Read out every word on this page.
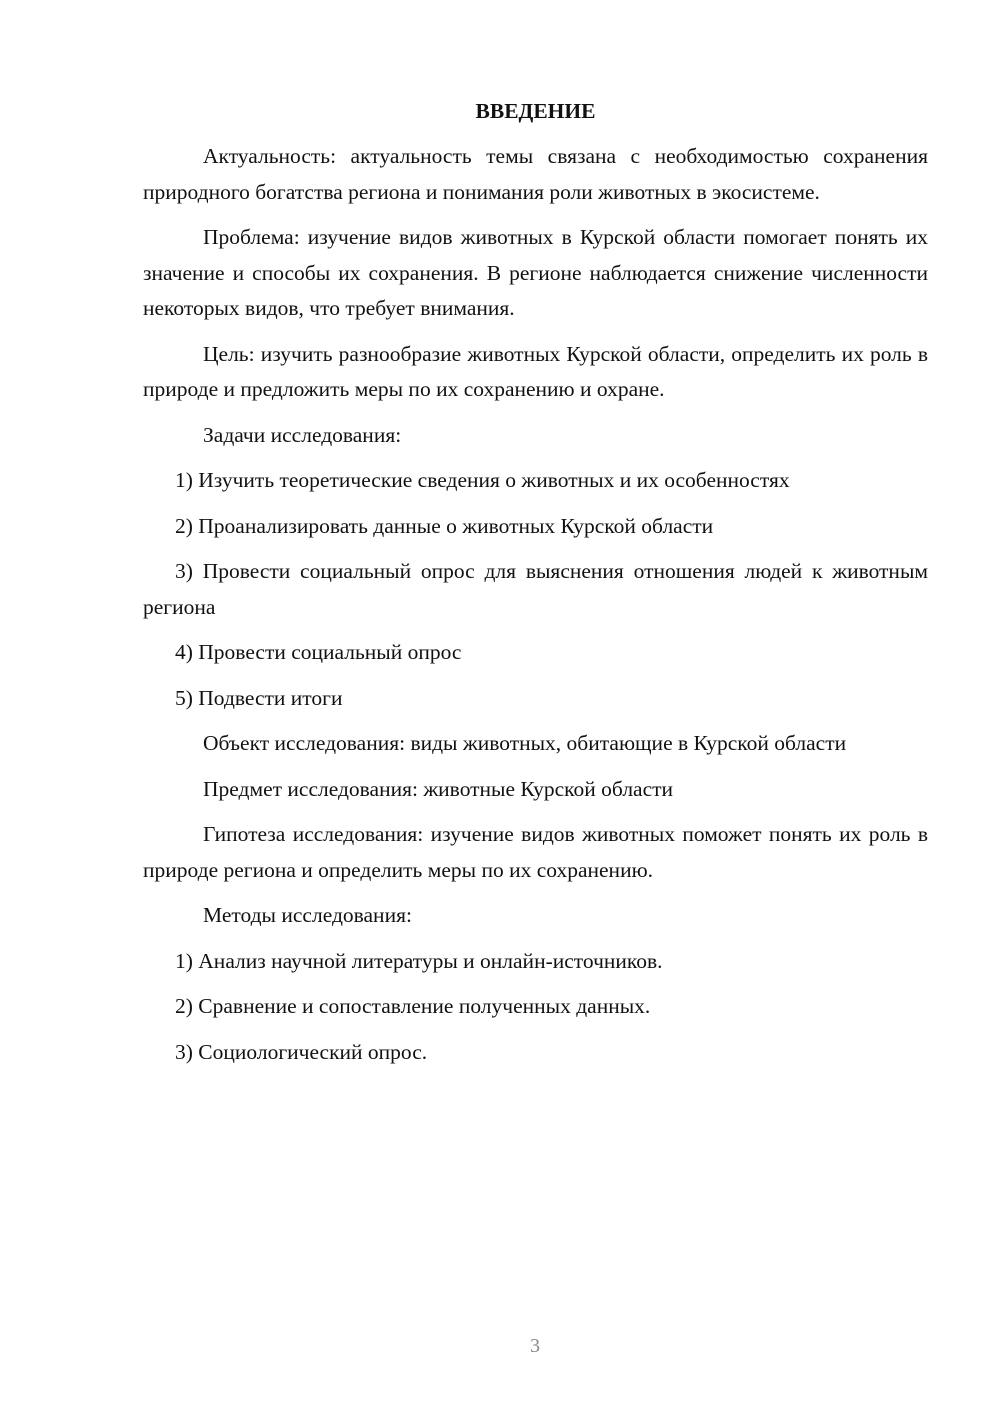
ВВЕДЕНИЕ

Актуальность: актуальность темы связана с необходимостью сохранения природного богатства региона и понимания роли животных в экосистеме.

Проблема: изучение видов животных в Курской области помогает понять их значение и способы их сохранения. В регионе наблюдается снижение численности некоторых видов, что требует внимания.

Цель: изучить разнообразие животных Курской области, определить их роль в природе и предложить меры по их сохранению и охране.

Задачи исследования:

1) Изучить теоретические сведения о животных и их особенностях

2) Проанализировать данные о животных Курской области

3) Провести социальный опрос для выяснения отношения людей к животным региона

4) Провести социальный опрос

5) Подвести итоги

Объект исследования: виды животных, обитающие в Курской области

Предмет исследования: животные Курской области

Гипотеза исследования: изучение видов животных поможет понять их роль в природе региона и определить меры по их сохранению.

Методы исследования:

1) Анализ научной литературы и онлайн-источников.

2) Сравнение и сопоставление полученных данных.

3) Социологический опрос.

3
